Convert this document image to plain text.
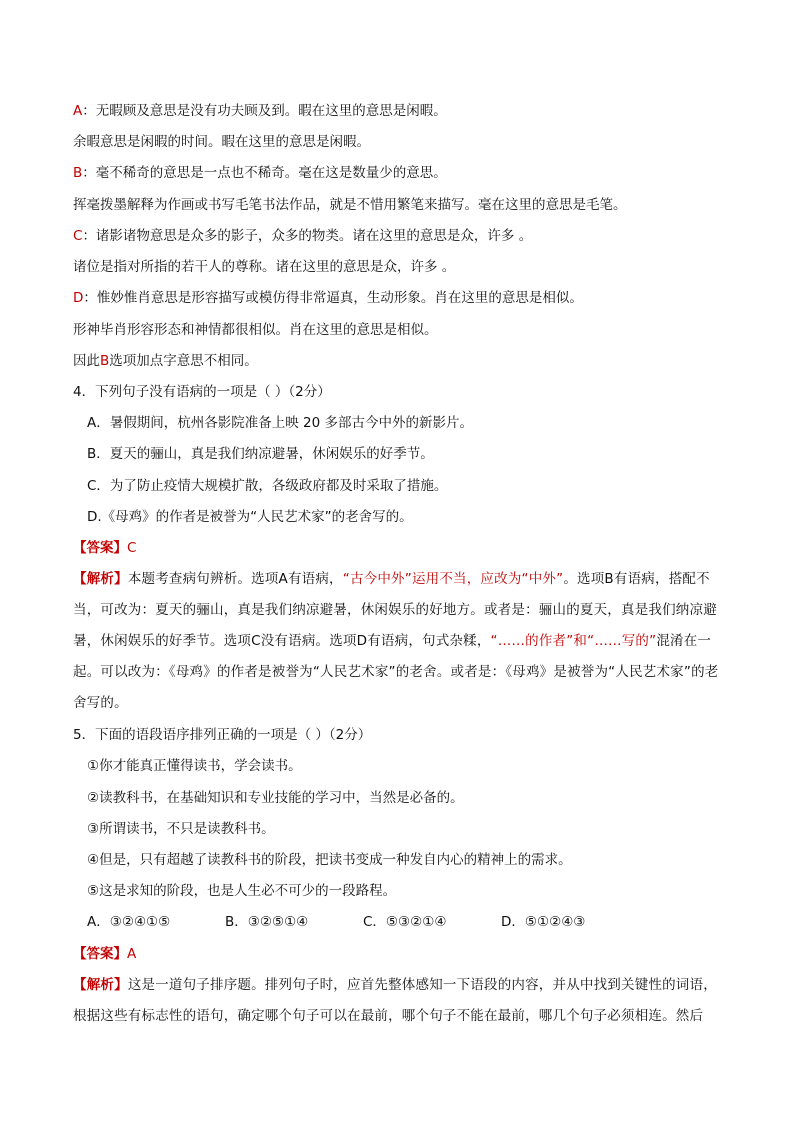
A：无暇顾及意思是没有功夫顾及到。暇在这里的意思是闲暇。
余暇意思是闲暇的时间。暇在这里的意思是闲暇。
B：毫不稀奇的意思是一点也不稀奇。毫在这是数量少的意思。
挥毫拨墨解释为作画或书写毛笔书法作品，就是不惜用繁笔来描写。毫在这里的意思是毛笔。
C：诸影诸物意思是众多的影子，众多的物类。诸在这里的意思是众，许多 。
诸位是指对所指的若干人的尊称。诸在这里的意思是众，许多 。
D：惟妙惟肖意思是形容描写或模仿得非常逼真，生动形象。肖在这里的意思是相似。
形神毕肖形容形态和神情都很相似。肖在这里的意思是相似。
因此B选项加点字意思不相同。
4．下列句子没有语病的一项是（ ）（2分）
A．暑假期间，杭州各影院准备上映 20 多部古今中外的新影片。
B．夏天的骊山，真是我们纳凉避暑，休闲娱乐的好季节。
C．为了防止疫情大规模扩散，各级政府都及时采取了措施。
D.《母鸡》的作者是被誉为“人民艺术家”的老舍写的。
【答案】C
【解析】本题考查病句辨析。选项A有语病，“古今中外”运用不当，应改为“中外”。选项B有语病，搭配不当，可改为：夏天的骊山，真是我们纳凉避暑，休闲娱乐的好地方。或者是：骊山的夏天，真是我们纳凉避暑，休闲娱乐的好季节。选项C没有语病。选项D有语病，句式杂糅，“……的作者”和“……写的”混淆在一起。可以改为：《母鸡》的作者是被誉为“人民艺术家”的老舍。或者是：《母鸡》是被誉为“人民艺术家”的老舍写的。
5．下面的语段语序排列正确的一项是（ ）（2分）
①你才能真正懂得读书，学会读书。
②读教科书，在基础知识和专业技能的学习中，当然是必备的。
③所谓读书，不只是读教科书。
④但是，只有超越了读教科书的阶段，把读书变成一种发自内心的精神上的需求。
⑤这是求知的阶段，也是人生必不可少的一段路程。
A．③②④①⑤	B．③②⑤①④	C．⑤③②①④	D．⑤①②④③
【答案】A
【解析】这是一道句子排序题。排列句子时，应首先整体感知一下语段的内容，并从中找到关键性的词语，根据这些有标志性的语句，确定哪个句子可以在最前，哪个句子不能在最前，哪几个句子必须相连。然后
